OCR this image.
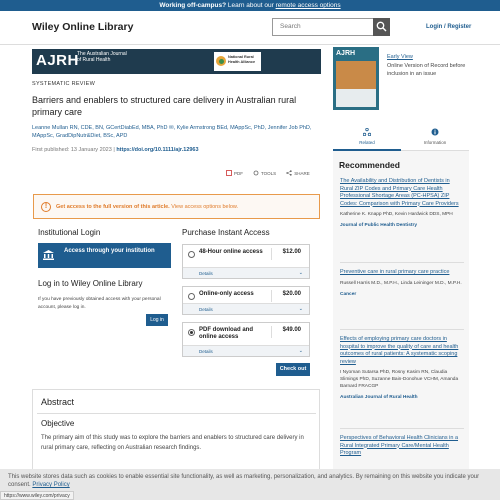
Working off-campus? Learn about our remote access options
Wiley Online Library	Search	Login / Register
AJRH
The Australian Journal of Rural Health	National Rural Health Alliance
SYSTEMATIC REVIEW
Barriers and enablers to structured care delivery in Australian rural primary care
Leanne Mullan RN, CDE, BN, GCertDiabEd, MBA, PhD ✉, Kylie Armstrong BEd, MAppSc, PhD, Jennifer Job PhD, MAppSc, GradDipNutr&Diet, BSc, APD
First published: 13 January 2023 | https://doi.org/10.1111/ajr.12963
PDF	TOOLS	SHARE
!	Get access to the full version of this article. View access options below.
Institutional Login
Access through your institution
Log in to Wiley Online Library
If you have previously obtained access with your personal account, please log in.
Log in
Purchase Instant Access
48-Hour online access	$12.00
Details	⌄
Online-only access	$20.00
Details	⌄
PDF download and online access
$49.00
Details	⌄
Check out
Abstract
Objective
The primary aim of this study was to explore the barriers and enablers to structured care delivery in rural primary care, reflecting on Australian research findings.
AJRH	Early View
Online Version of Record before inclusion in an issue
Related	Information
Recommended
The Availability and Distribution of Dentists in Rural ZIP Codes and Primary Care Health Professional Shortage Areas (PC-HPSA) ZIP Codes: Comparison with Primary Care Providers
Katherine K. Knapp PhD, Kevin Hardwick DDS, MPH
Journal of Public Health Dentistry
Preventive care in rural primary care practice
Russell Harris M.D., M.P.H., Linda Leininger M.D., M.P.H.
Cancer
Effects of employing primary care doctors in hospital to improve the quality of care and health outcomes of rural patients: A systematic scoping review
I Nyoman Sutarsa PhD, Rosny Kasim RN, Claudia Slimings PhD, Suzanne Bain-Donohue VCHM, Amanda Barnard FRACGP
Australian Journal of Rural Health
Perspectives of Behavioral Health Clinicians in a Rural Integrated Primary Care/Mental Health Program
This website stores data such as cookies to enable essential site functionality, as well as marketing, personalization, and analytics. By remaining on this website you indicate your consent. Privacy Policy
https://www.wiley.com/privacy
